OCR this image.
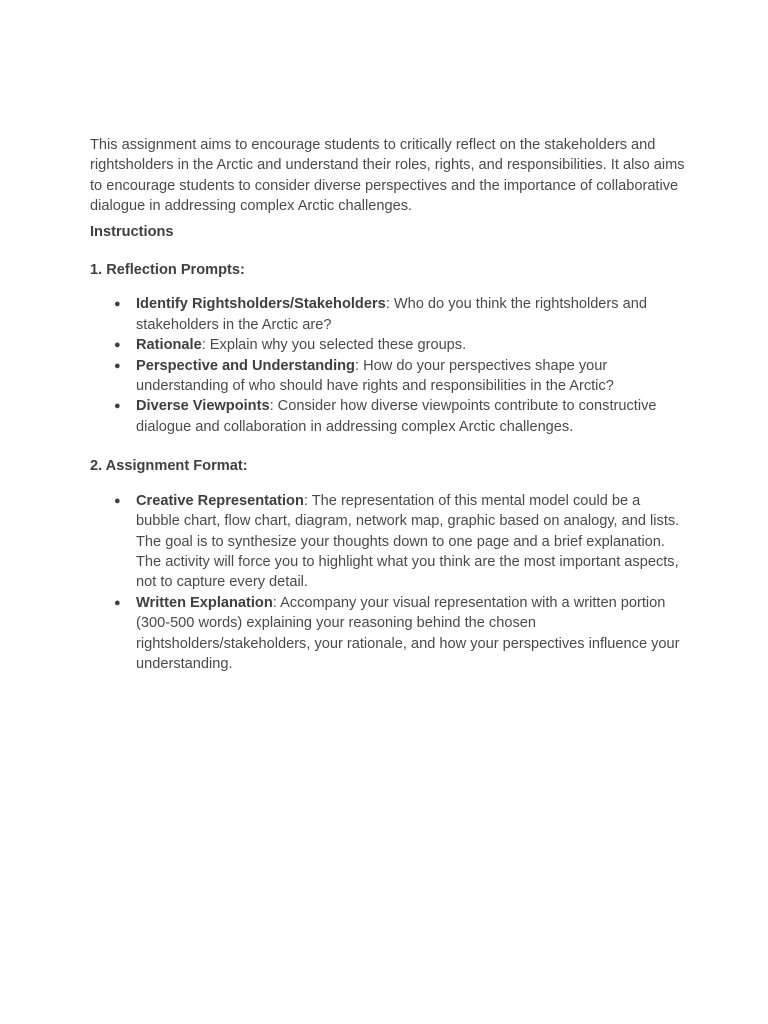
This assignment aims to encourage students to critically reflect on the stakeholders and rightsholders in the Arctic and understand their roles, rights, and responsibilities. It also aims to encourage students to consider diverse perspectives and the importance of collaborative dialogue in addressing complex Arctic challenges.

Instructions

1. Reflection Prompts:

● Identify Rightsholders/Stakeholders: Who do you think the rightsholders and stakeholders in the Arctic are?
● Rationale: Explain why you selected these groups.
● Perspective and Understanding: How do your perspectives shape your understanding of who should have rights and responsibilities in the Arctic?
● Diverse Viewpoints: Consider how diverse viewpoints contribute to constructive dialogue and collaboration in addressing complex Arctic challenges.

2. Assignment Format:

● Creative Representation: The representation of this mental model could be a bubble chart, flow chart, diagram, network map, graphic based on analogy, and lists. The goal is to synthesize your thoughts down to one page and a brief explanation. The activity will force you to highlight what you think are the most important aspects, not to capture every detail.
● Written Explanation: Accompany your visual representation with a written portion (300-500 words) explaining your reasoning behind the chosen rightsholders/stakeholders, your rationale, and how your perspectives influence your understanding.
